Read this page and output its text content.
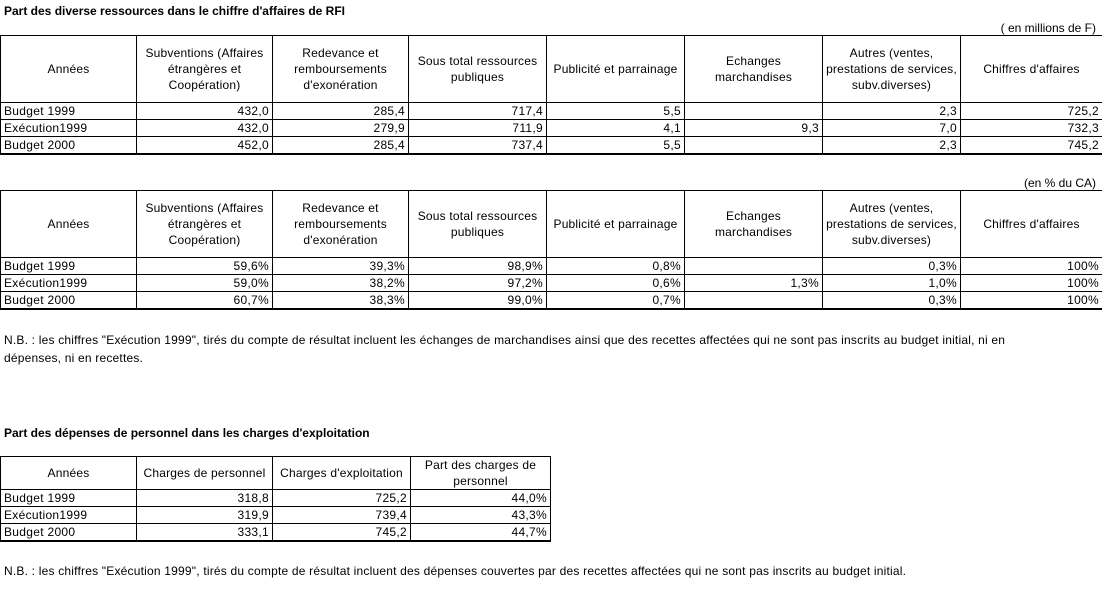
Part des diverse ressources dans le chiffre d'affaires de RFI
( en millions de F)
Années	Subventions (Affaires étrangères et Coopération)	Redevance et remboursements d'exonération	Sous total ressources publiques	Publicité et parrainage	Echanges marchandises	Autres (ventes, prestations de services, subv.diverses)	Chiffres d'affaires
Budget 1999	432,0	285,4	717,4	5,5		2,3	725,2
Exécution1999	432,0	279,9	711,9	4,1	9,3	7,0	732,3
Budget 2000	452,0	285,4	737,4	5,5		2,3	745,2
(en % du CA)
Années	Subventions (Affaires étrangères et Coopération)	Redevance et remboursements d'exonération	Sous total ressources publiques	Publicité et parrainage	Echanges marchandises	Autres (ventes, prestations de services, subv.diverses)	Chiffres d'affaires
Budget 1999	59,6%	39,3%	98,9%	0,8%		0,3%	100%
Exécution1999	59,0%	38,2%	97,2%	0,6%	1,3%	1,0%	100%
Budget 2000	60,7%	38,3%	99,0%	0,7%		0,3%	100%
N.B. : les chiffres "Exécution 1999", tirés du compte de résultat incluent les échanges de marchandises ainsi que des recettes affectées qui ne sont pas inscrits au budget initial, ni en dépenses, ni en recettes.
Part des dépenses de personnel dans les charges d'exploitation
Années	Charges de personnel	Charges d'exploitation	Part des charges de personnel
Budget 1999	318,8	725,2	44,0%
Exécution1999	319,9	739,4	43,3%
Budget 2000	333,1	745,2	44,7%
N.B. : les chiffres "Exécution 1999", tirés du compte de résultat incluent des dépenses couvertes par des recettes affectées qui ne sont pas inscrits au budget initial.
